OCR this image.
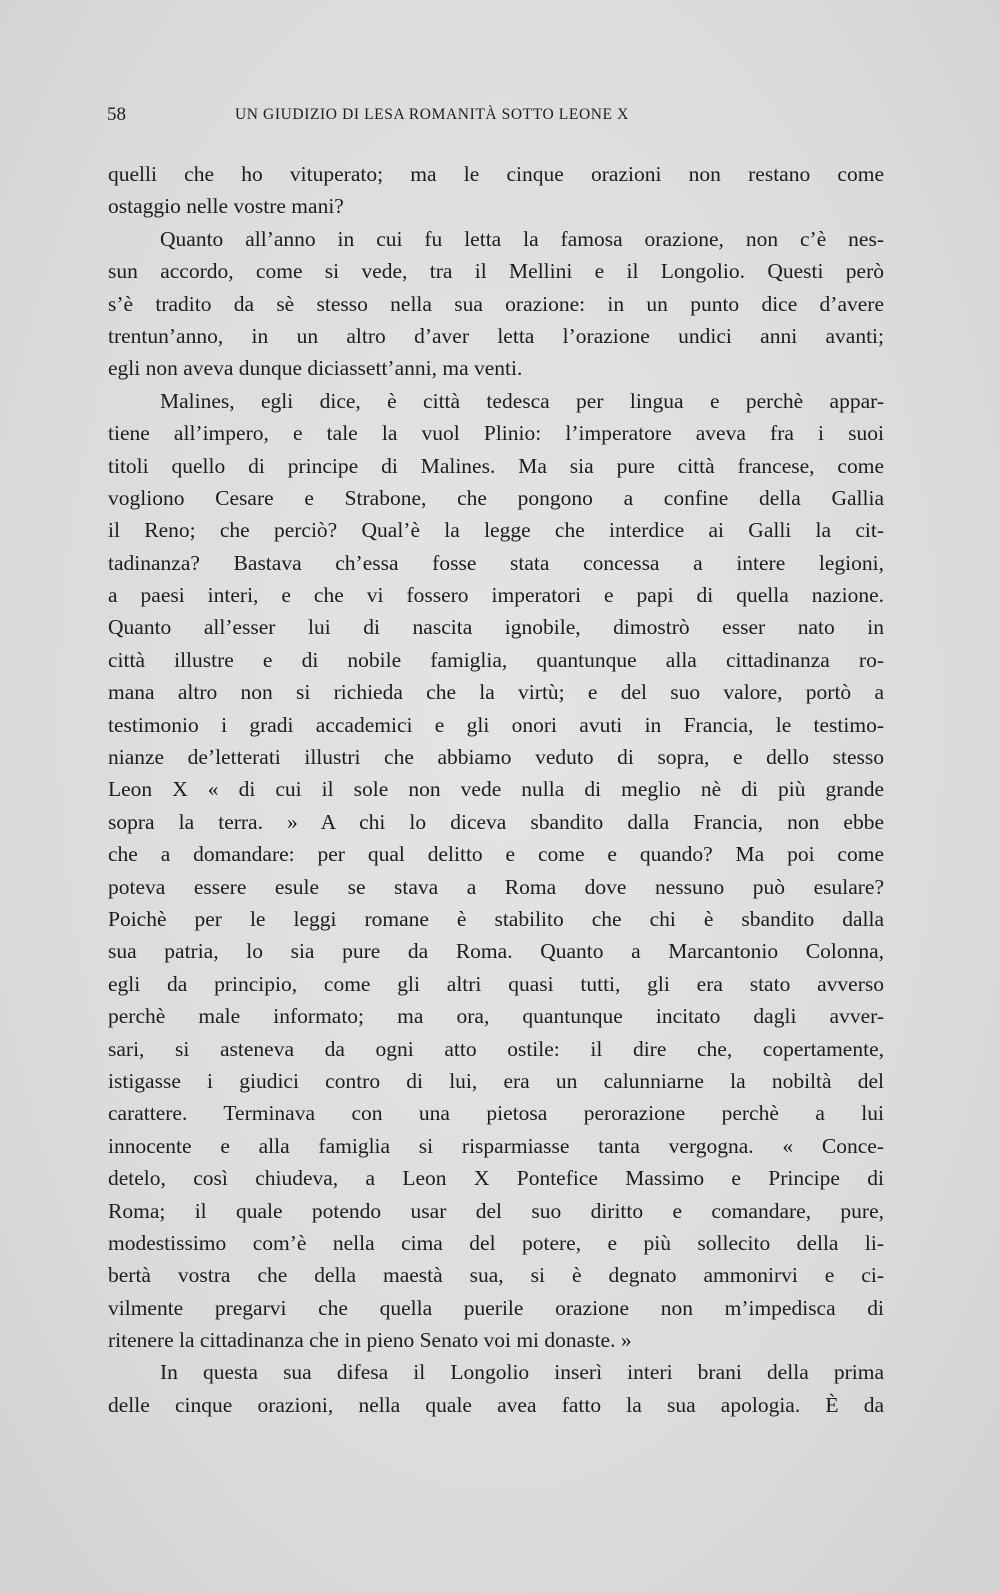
58	UN GIUDIZIO DI LESA ROMANITÀ SOTTO LEONE X
quelli che ho vituperato; ma le cinque orazioni non restano come
ostaggio nelle vostre mani?
Quanto all’anno in cui fu letta la famosa orazione, non c’è nes-
sun accordo, come si vede, tra il Mellini e il Longolio. Questi però
s’è tradito da sè stesso nella sua orazione: in un punto dice d’avere
trentun’anno, in un altro d’aver letta l’orazione undici anni avanti;
egli non aveva dunque diciassett’anni, ma venti.
Malines, egli dice, è città tedesca per lingua e perchè appar-
tiene all’impero, e tale la vuol Plinio: l’imperatore aveva fra i suoi
titoli quello di principe di Malines. Ma sia pure città francese, come
vogliono Cesare e Strabone, che pongono a confine della Gallia
il Reno; che perciò? Qual’è la legge che interdice ai Galli la cit-
tadinanza? Bastava ch’essa fosse stata concessa a intere legioni,
a paesi interi, e che vi fossero imperatori e papi di quella nazione.
Quanto all’esser lui di nascita ignobile, dimostrò esser nato in
città illustre e di nobile famiglia, quantunque alla cittadinanza ro-
mana altro non si richieda che la virtù; e del suo valore, portò a
testimonio i gradi accademici e gli onori avuti in Francia, le testimo-
nianze de’letterati illustri che abbiamo veduto di sopra, e dello stesso
Leon X « di cui il sole non vede nulla di meglio nè di più grande
sopra la terra. » A chi lo diceva sbandito dalla Francia, non ebbe
che a domandare: per qual delitto e come e quando? Ma poi come
poteva essere esule se stava a Roma dove nessuno può esulare?
Poichè per le leggi romane è stabilito che chi è sbandito dalla
sua patria, lo sia pure da Roma. Quanto a Marcantonio Colonna,
egli da principio, come gli altri quasi tutti, gli era stato avverso
perchè male informato; ma ora, quantunque incitato dagli avver-
sari, si asteneva da ogni atto ostile: il dire che, copertamente,
istigasse i giudici contro di lui, era un calunniarne la nobiltà del
carattere. Terminava con una pietosa perorazione perchè a lui
innocente e alla famiglia si risparmiasse tanta vergogna. « Conce-
detelo, così chiudeva, a Leon X Pontefice Massimo e Principe di
Roma; il quale potendo usar del suo diritto e comandare, pure,
modestissimo com’è nella cima del potere, e più sollecito della li-
bertà vostra che della maestà sua, si è degnato ammonirvi e ci-
vilmente pregarvi che quella puerile orazione non m’impedisca di
ritenere la cittadinanza che in pieno Senato voi mi donaste. »
In questa sua difesa il Longolio inserì interi brani della prima
delle cinque orazioni, nella quale avea fatto la sua apologia. È da
